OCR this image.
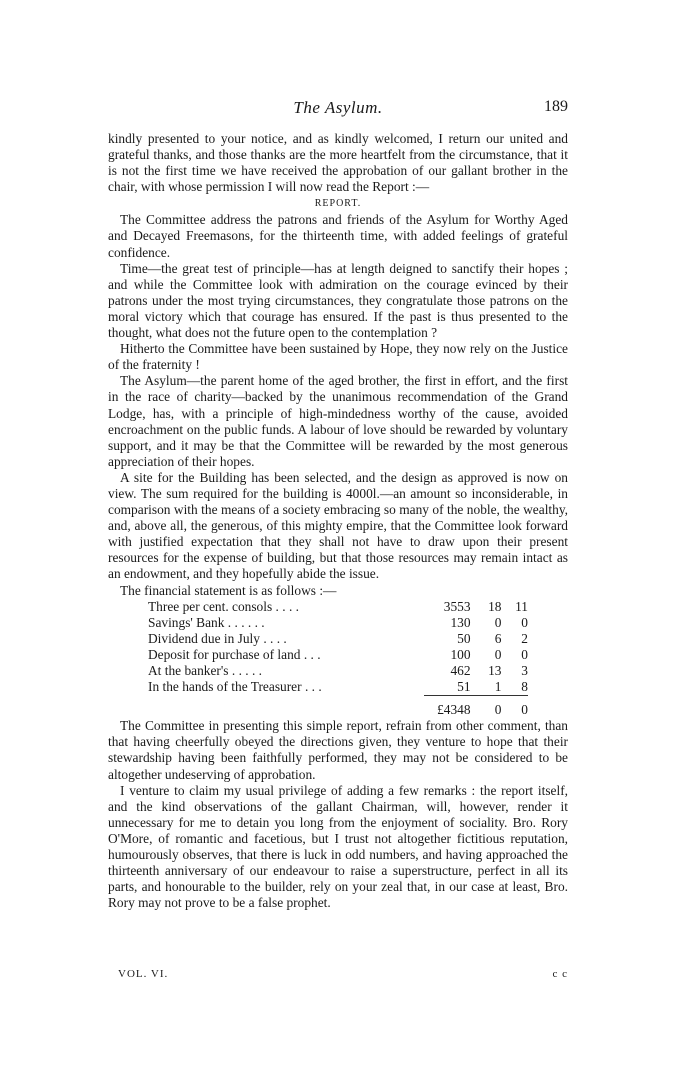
The Asylum.	189

kindly presented to your notice, and as kindly welcomed, I return our united and grateful thanks, and those thanks are the more heartfelt from the circumstance, that it is not the first time we have received the approbation of our gallant brother in the chair, with whose permission I will now read the Report :—

REPORT.

The Committee address the patrons and friends of the Asylum for Worthy Aged and Decayed Freemasons, for the thirteenth time, with added feelings of grateful confidence.

Time—the great test of principle—has at length deigned to sanctify their hopes ; and while the Committee look with admiration on the courage evinced by their patrons under the most trying circumstances, they congratulate those patrons on the moral victory which that courage has ensured. If the past is thus presented to the thought, what does not the future open to the contemplation ?

Hitherto the Committee have been sustained by Hope, they now rely on the Justice of the fraternity !

The Asylum—the parent home of the aged brother, the first in effort, and the first in the race of charity—backed by the unanimous recommendation of the Grand Lodge, has, with a principle of high-mindedness worthy of the cause, avoided encroachment on the public funds. A labour of love should be rewarded by voluntary support, and it may be that the Committee will be rewarded by the most generous appreciation of their hopes.

A site for the Building has been selected, and the design as approved is now on view. The sum required for the building is 4000l.—an amount so inconsiderable, in comparison with the means of a society embracing so many of the noble, the wealthy, and, above all, the generous, of this mighty empire, that the Committee look forward with justified expectation that they shall not have to draw upon their present resources for the expense of building, but that those resources may remain intact as an endowment, and they hopefully abide the issue.

The financial statement is as follows :—

Three per cent. consols . . . .	3553	18	11
Savings' Bank . . . . . .	130	0	0
Dividend due in July . . . .	50	6	2
Deposit for purchase of land . . .	100	0	0
At the banker's . . . . .	462	13	3
In the hands of the Treasurer . . .	51	1	8

	£4348	0	0

The Committee in presenting this simple report, refrain from other comment, than that having cheerfully obeyed the directions given, they venture to hope that their stewardship having been faithfully performed, they may not be considered to be altogether undeserving of approbation.

I venture to claim my usual privilege of adding a few remarks : the report itself, and the kind observations of the gallant Chairman, will, however, render it unnecessary for me to detain you long from the enjoyment of sociality. Bro. Rory O'More, of romantic and facetious, but I trust not altogether fictitious reputation, humourously observes, that there is luck in odd numbers, and having approached the thirteenth anniversary of our endeavour to raise a superstructure, perfect in all its parts, and honourable to the builder, rely on your zeal that, in our case at least, Bro. Rory may not prove to be a false prophet.

VOL. VI.	c c
